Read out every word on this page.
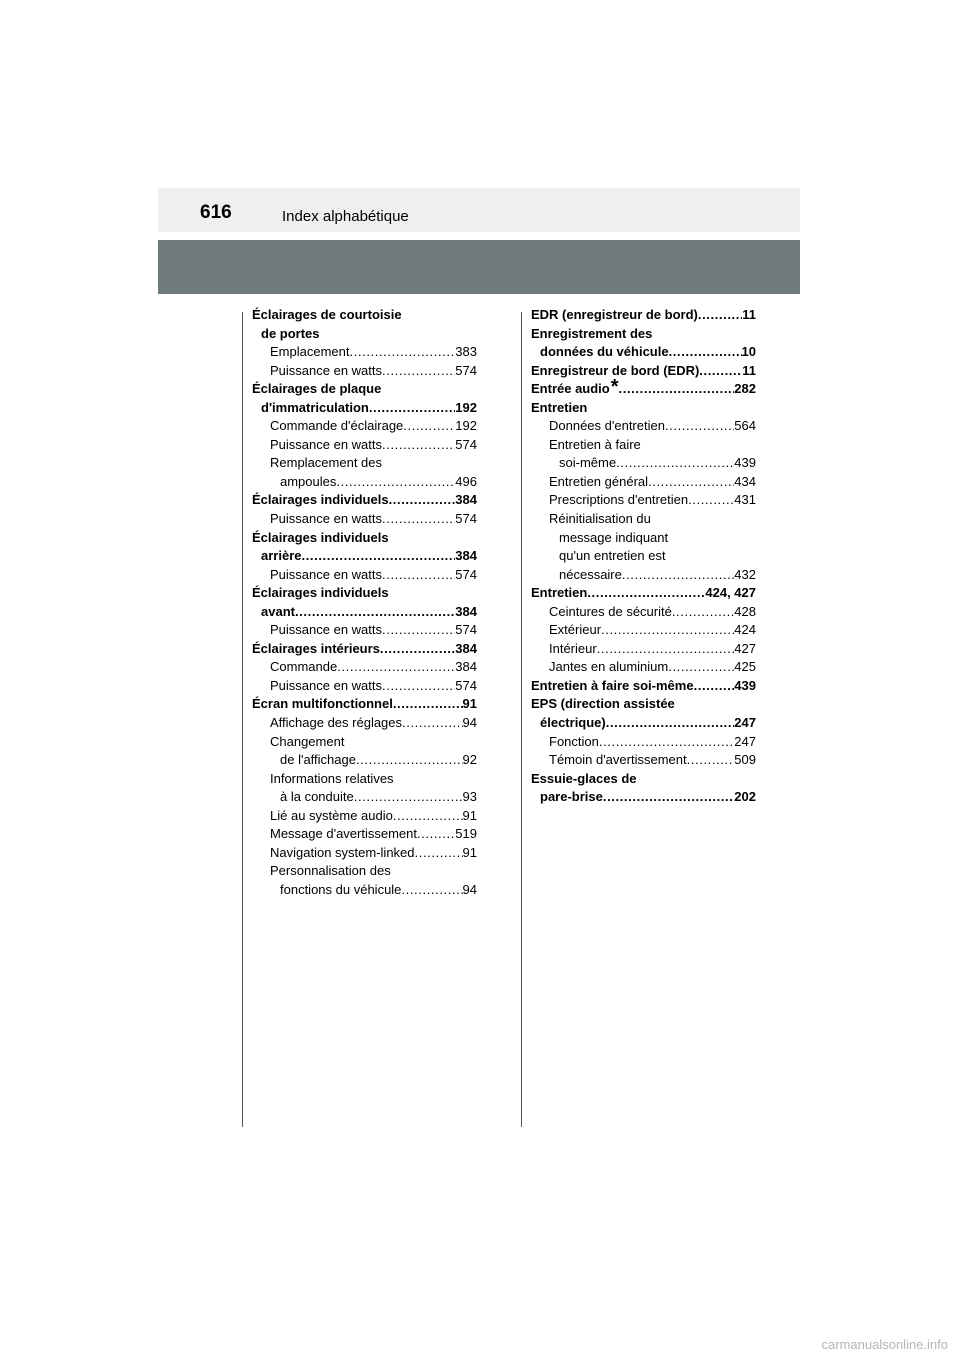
616	Index alphabétique
Éclairages de courtoisie
de portes
Emplacement .....	383
Puissance en watts .....	574
Éclairages de plaque
d'immatriculation .....	192
Commande d'éclairage .....	192
Puissance en watts .....	574
Remplacement des
ampoules .....	496
Éclairages individuels .....	384
Puissance en watts .....	574
Éclairages individuels
arrière .....	384
Puissance en watts .....	574
Éclairages individuels
avant .....	384
Puissance en watts .....	574
Éclairages intérieurs .....	384
Commande .....	384
Puissance en watts .....	574
Écran multifonctionnel .....	91
Affichage des réglages .....	94
Changement
de l'affichage .....	92
Informations relatives
à la conduite .....	93
Lié au système audio .....	91
Message d'avertissement .....	519
Navigation system-linked .....	91
Personnalisation des
fonctions du véhicule .....	94
EDR (enregistreur de bord) .....	11
Enregistrement des
données du véhicule .....	10
Enregistreur de bord (EDR) .....	11
Entrée audio * .....	282
Entretien
Données d'entretien .....	564
Entretien à faire
soi-même .....	439
Entretien général .....	434
Prescriptions d'entretien .....	431
Réinitialisation du
message indiquant
qu'un entretien est
nécessaire .....	432
Entretien .....	424, 427
Ceintures de sécurité .....	428
Extérieur .....	424
Intérieur .....	427
Jantes en aluminium .....	425
Entretien à faire soi-même .....	439
EPS (direction assistée
électrique) .....	247
Fonction .....	247
Témoin d'avertissement .....	509
Essuie-glaces de
pare-brise .....	202
carmanualsonline.info
